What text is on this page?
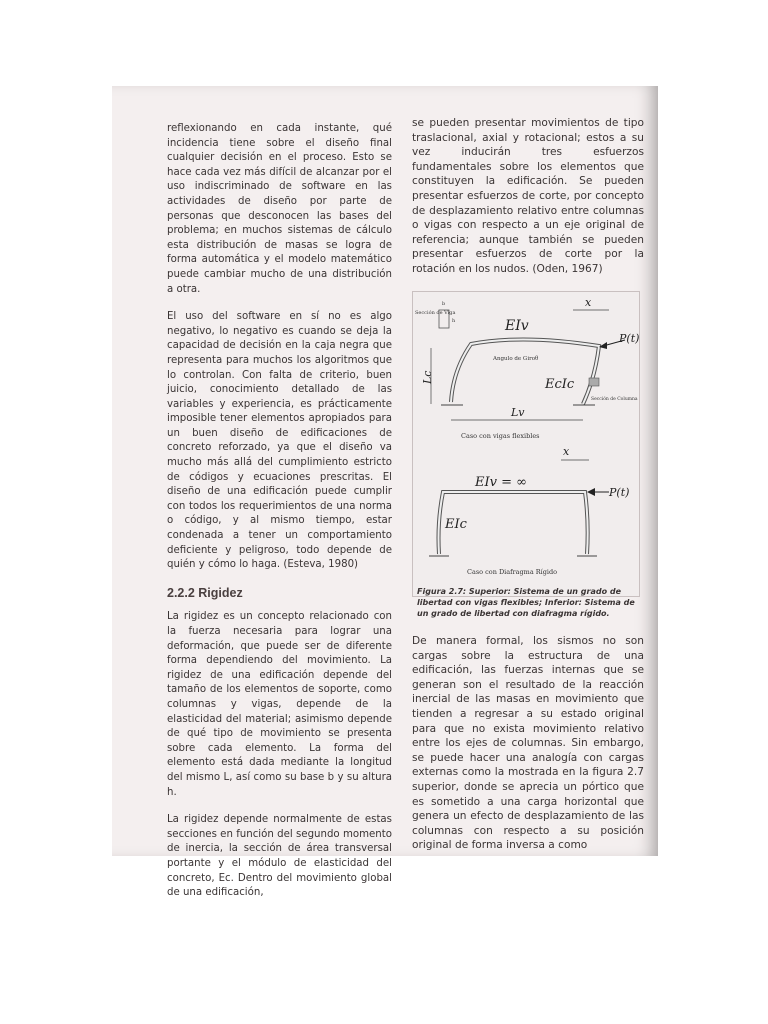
reflexionando en cada instante, qué incidencia tiene sobre el diseño final cualquier decisión en el proceso. Esto se hace cada vez más difícil de alcanzar por el uso indiscriminado de software en las actividades de diseño por parte de personas que desconocen las bases del problema; en muchos sistemas de cálculo esta distribución de masas se logra de forma automática y el modelo matemático puede cambiar mucho de una distribución a otra.

El uso del software en sí no es algo negativo, lo negativo es cuando se deja la capacidad de decisión en la caja negra que representa para muchos los algoritmos que lo controlan. Con falta de criterio, buen juicio, conocimiento detallado de las variables y experiencia, es prácticamente imposible tener elementos apropiados para un buen diseño de edificaciones de concreto reforzado, ya que el diseño va mucho más allá del cumplimiento estricto de códigos y ecuaciones prescritas. El diseño de una edificación puede cumplir con todos los requerimientos de una norma o código, y al mismo tiempo, estar condenada a tener un comportamiento deficiente y peligroso, todo depende de quién y cómo lo haga. (Esteva, 1980)

2.2.2 Rigidez

La rigidez es un concepto relacionado con la fuerza necesaria para lograr una deformación, que puede ser de diferente forma dependiendo del movimiento. La rigidez de una edificación depende del tamaño de los elementos de soporte, como columnas y vigas, depende de la elasticidad del material; asimismo depende de qué tipo de movimiento se presenta sobre cada elemento. La forma del elemento está dada mediante la longitud del mismo L, así como su base b y su altura h.

La rigidez depende normalmente de estas secciones en función del segundo momento de inercia, la sección de área transversal portante y el módulo de elasticidad del concreto, Ec. Dentro del movimiento global de una edificación,

se pueden presentar movimientos de tipo traslacional, axial y rotacional; estos a su vez inducirán tres esfuerzos fundamentales sobre los elementos que constituyen la edificación. Se pueden presentar esfuerzos de corte, por concepto de desplazamiento relativo entre columnas o vigas con respecto a un eje original de referencia; aunque también se pueden presentar esfuerzos de corte por la rotación en los nudos. (Oden, 1967)

Sección de Viga
b
h
x
EIv
P(t)
Angulo de Giroθ
Lc	EcIc
Sección de Columna
Lv
Caso con vigas flexibles
x
EIv = ∞
P(t)
EIc
Caso con Diafragma Rígido
Figura 2.7: Superior: Sistema de un grado de libertad con vigas flexibles; Inferior: Sistema de un grado de libertad con diafragma rígido.

De manera formal, los sismos no son cargas sobre la estructura de una edificación, las fuerzas internas que se generan son el resultado de la reacción inercial de las masas en movimiento que tienden a regresar a su estado original para que no exista movimiento relativo entre los ejes de columnas. Sin embargo, se puede hacer una analogía con cargas externas como la mostrada en la figura 2.7 superior, donde se aprecia un pórtico que es sometido a una carga horizontal que genera un efecto de desplazamiento de las columnas con respecto a su posición original de forma inversa a como
